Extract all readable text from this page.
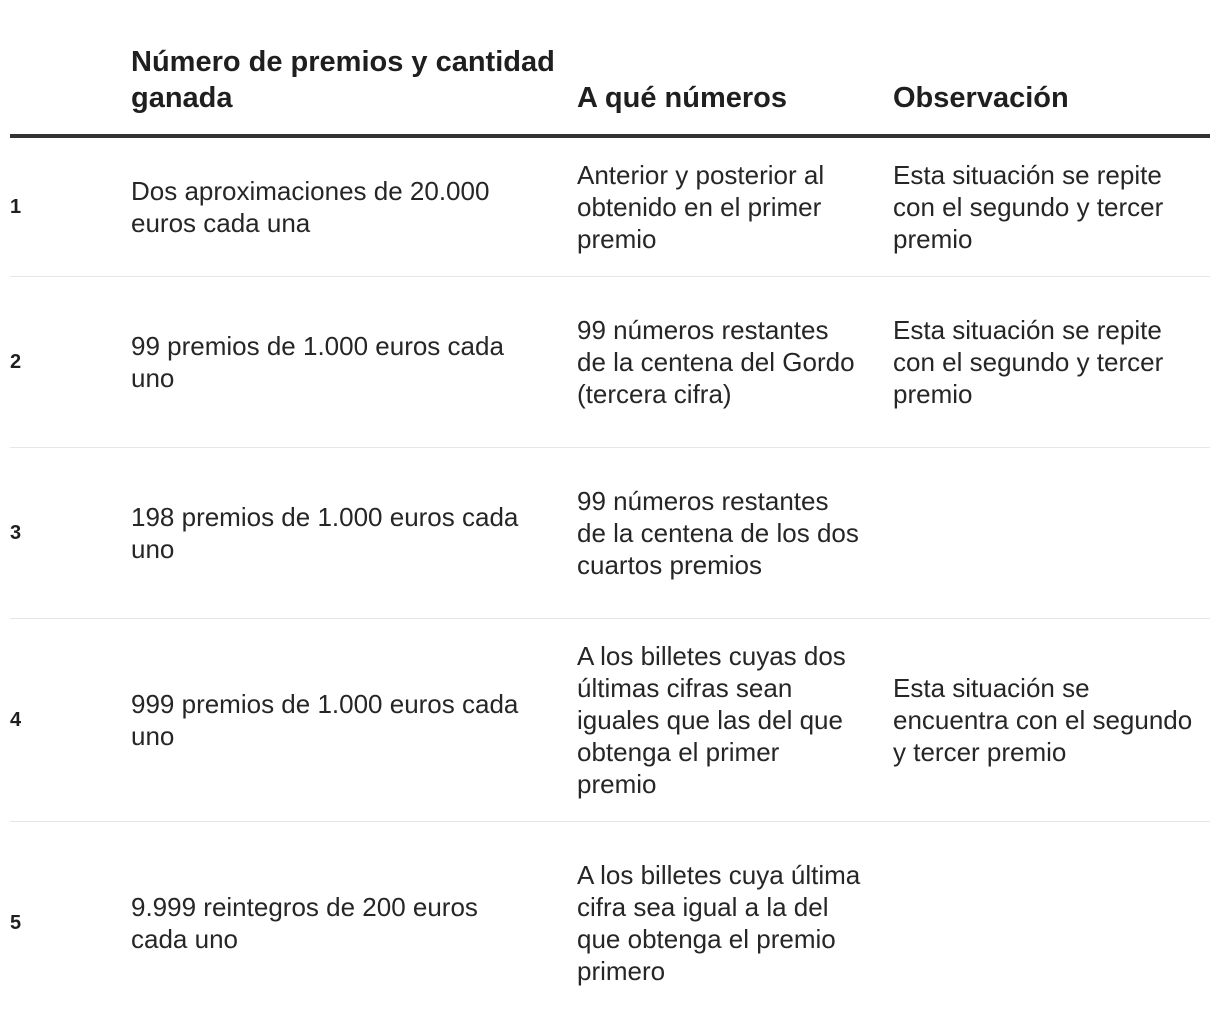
	Número de premios y cantidad ganada	A qué números	Observación
1	Dos aproximaciones de 20.000 euros cada una	Anterior y posterior al obtenido en el primer premio	Esta situación se repite con el segundo y tercer premio
2	99 premios de 1.000 euros cada uno	99 números restantes de la centena del Gordo (tercera cifra)	Esta situación se repite con el segundo y tercer premio
3	198 premios de 1.000 euros cada uno	99 números restantes de la centena de los dos cuartos premios	
4	999 premios de 1.000 euros cada uno	A los billetes cuyas dos últimas cifras sean iguales que las del que obtenga el primer premio	Esta situación se encuentra con el segundo y tercer premio
5	9.999 reintegros de 200 euros cada uno	A los billetes cuya última cifra sea igual a la del que obtenga el premio primero	
